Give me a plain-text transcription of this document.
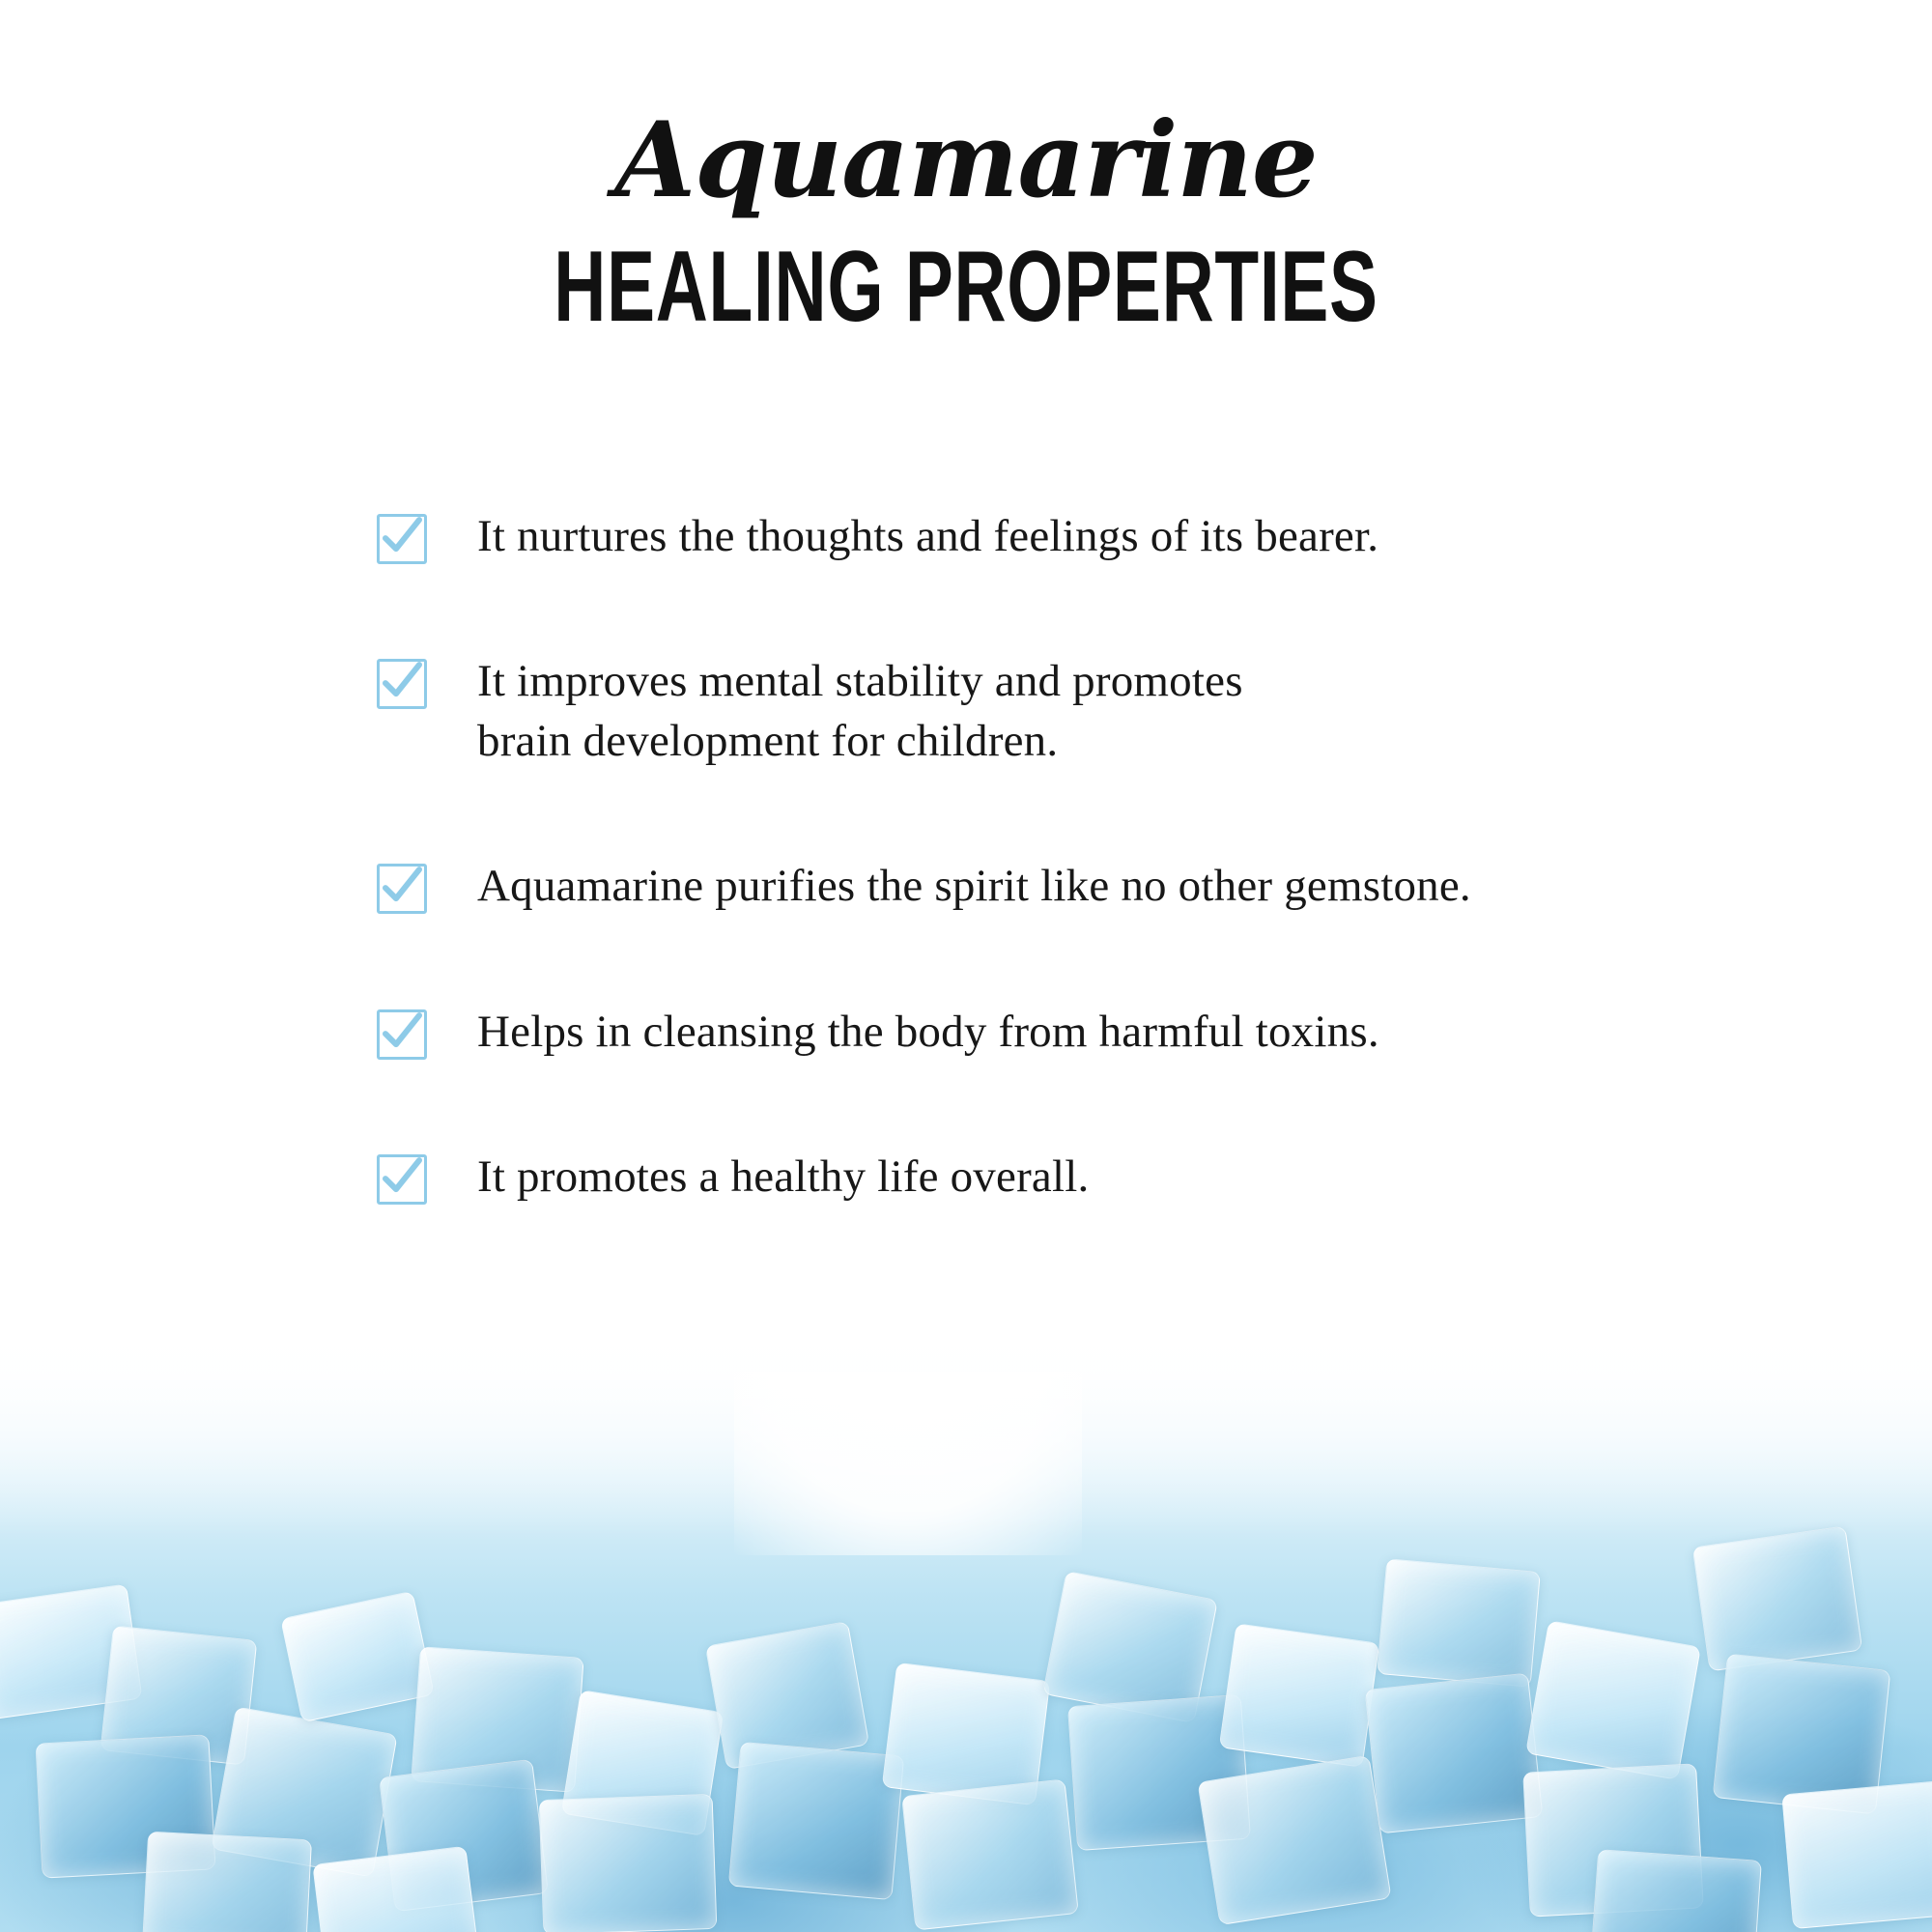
Aquamarine
HEALING PROPERTIES
It nurtures the thoughts and feelings of its bearer.
It improves mental stability and promotes
brain development for children.
Aquamarine purifies the spirit like no other gemstone.
Helps in cleansing the body from harmful toxins.
It promotes a healthy life overall.
